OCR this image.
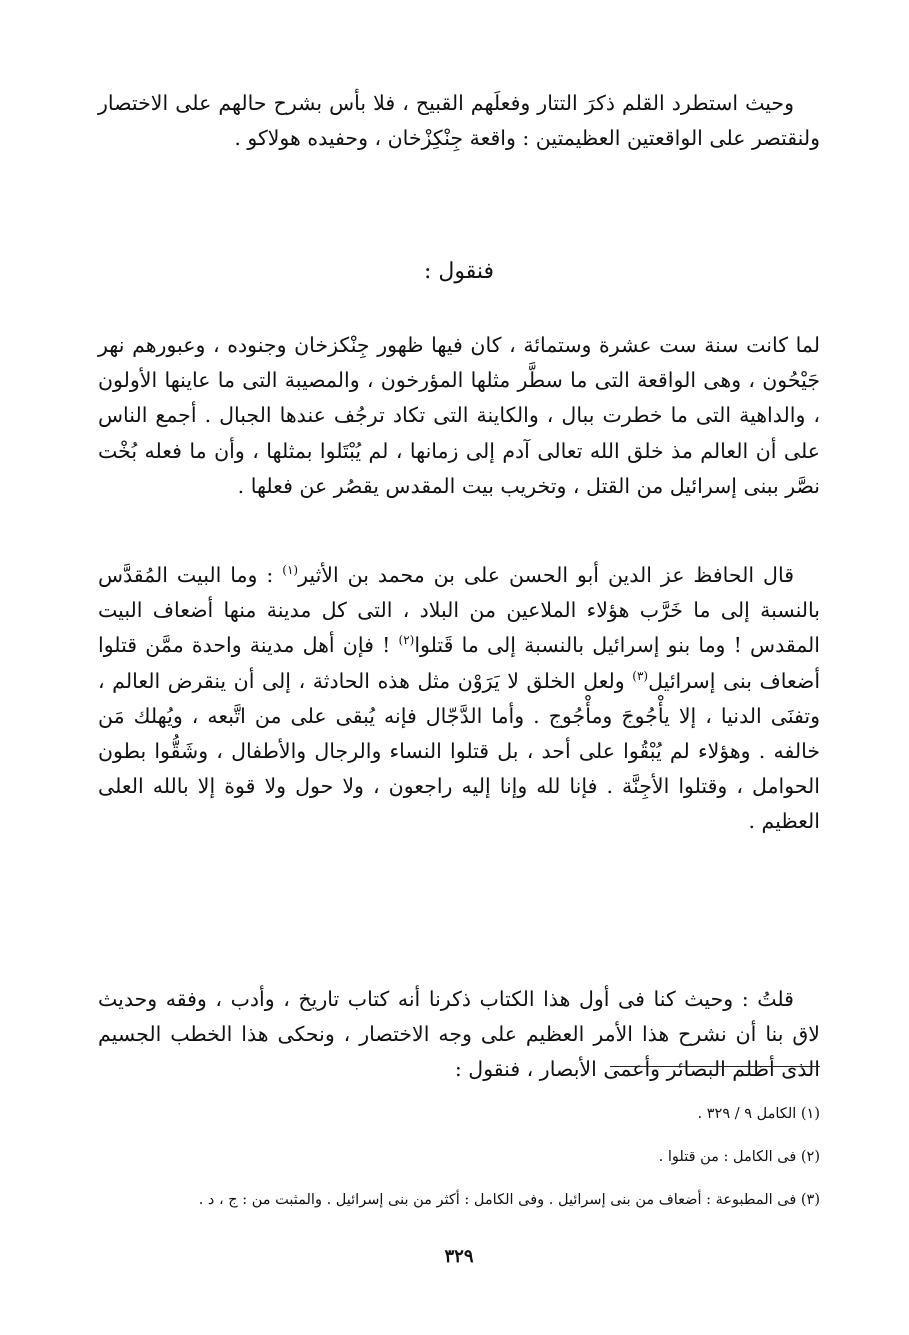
وحيث استطرد القلم ذكرَ التتار وفعلَهم القبيح ، فلا بأس بشرح حالهم على الاختصار ولنقتصر على الواقعتين العظيمتين : واقعة جِنْكِزْخان ، وحفيده هولاكو .

فنقول :

لما كانت سنة ست عشرة وستمائة ، كان فيها ظهور جِنْكزخان وجنوده ، وعبورهم نهر جَيْحُون ، وهى الواقعة التى ما سطَّر مثلها المؤرخون ، والمصيبة التى ما عاينها الأولون ، والداهية التى ما خطرت ببال ، والكاينة التى تكاد ترجُف عندها الجبال . أجمع الناس على أن العالم مذ خلق الله تعالى آدم إلى زمانها ، لم يُبْتَلوا بمثلها ، وأن ما فعله بُخْت نصَّر ببنى إسرائيل من القتل ، وتخريب بيت المقدس يقصُر عن فعلها .

قال الحافظ عز الدين أبو الحسن على بن محمد بن الأثير$^{(١)}$ : وما البيت المُقدَّس بالنسبة إلى ما خَرَّب هؤلاء الملاعين من البلاد ، التى كل مدينة منها أضعاف البيت المقدس ! وما بنو إسرائيل بالنسبة إلى ما قَتلوا$^{(٢)}$ ! فإن أهل مدينة واحدة ممَّن قتلوا أضعاف بنى إسرائيل$^{(٣)}$ ولعل الخلق لا يَرَوْن مثل هذه الحادثة ، إلى أن ينقرض العالم ، وتفنَى الدنيا ، إلا يأْجُوجَ ومأْجُوج . وأما الدَّجّال فإنه يُبقى على من اتَّبعه ، ويُهلك مَن خالفه . وهؤلاء لم يُبْقُوا على أحد ، بل قتلوا النساء والرجال والأطفال ، وشَقُّوا بطون الحوامل ، وقتلوا الأجِنَّة . فإنا لله وإنا إليه راجعون ، ولا حول ولا قوة إلا بالله العلى العظيم .

قلتُ : وحيث كنا فى أول هذا الكتاب ذكرنا أنه كتاب تاريخ ، وأدب ، وفقه وحديث لاق بنا أن نشرح هذا الأمر العظيم على وجه الاختصار ، ونحكى هذا الخطب الجسيم الذى أظلم البصائر وأعمى الأبصار ، فنقول :

(١) الكامل ٩ / ٣٢٩ .
(٢) فى الكامل : من قتلوا .
(٣) فى المطبوعة : أضعاف من بنى إسرائيل . وفى الكامل : أكثر من بنى إسرائيل . والمثبت من : ج ، د .

٣٢٩
